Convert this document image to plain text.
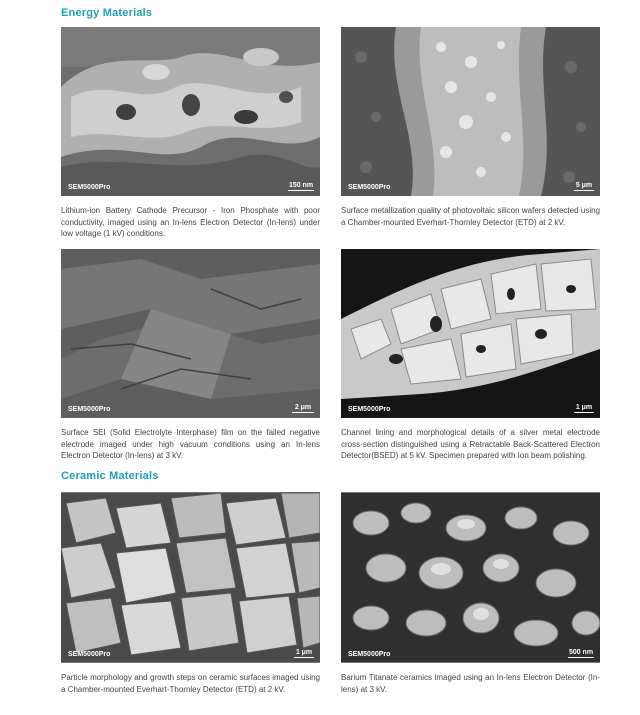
Energy Materials
SEM5000Pro	150 nm
Lithium-ion Battery Cathode Precursor - Iron Phosphate with poor conductivity, imaged using an In-lens Electron Detector (In-lens) under low voltage (1 kV) conditions.
SEM5000Pro	5 μm
Surface metallization quality of photovoltaic silicon wafers detected using a Chamber-mounted Everhart-Thornley Detector (ETD) at 2 kV.
SEM5000Pro	2 μm
Surface SEI (Solid Electrolyte Interphase) film on the failed negative electrode imaged under high vacuum conditions using an In-lens Electron Detector (In-lens) at 3 kV.
SEM5000Pro	1 μm
Channel lining and morphological details of a silver metal electrode cross-section distinguished using a Retractable Back-Scattered Electron Detector(BSED) at 5 kV. Specimen prepared with Ion beam polishing.
Ceramic Materials
SEM5000Pro	1 μm
Particle morphology and growth steps on ceramic surfaces imaged using a Chamber-mounted Everhart-Thornley Detector (ETD) at 2 kV.
SEM5000Pro	500 nm
Barium Titanate ceramics imaged using an In-lens Electron Detector (In-lens) at 3 kV.
